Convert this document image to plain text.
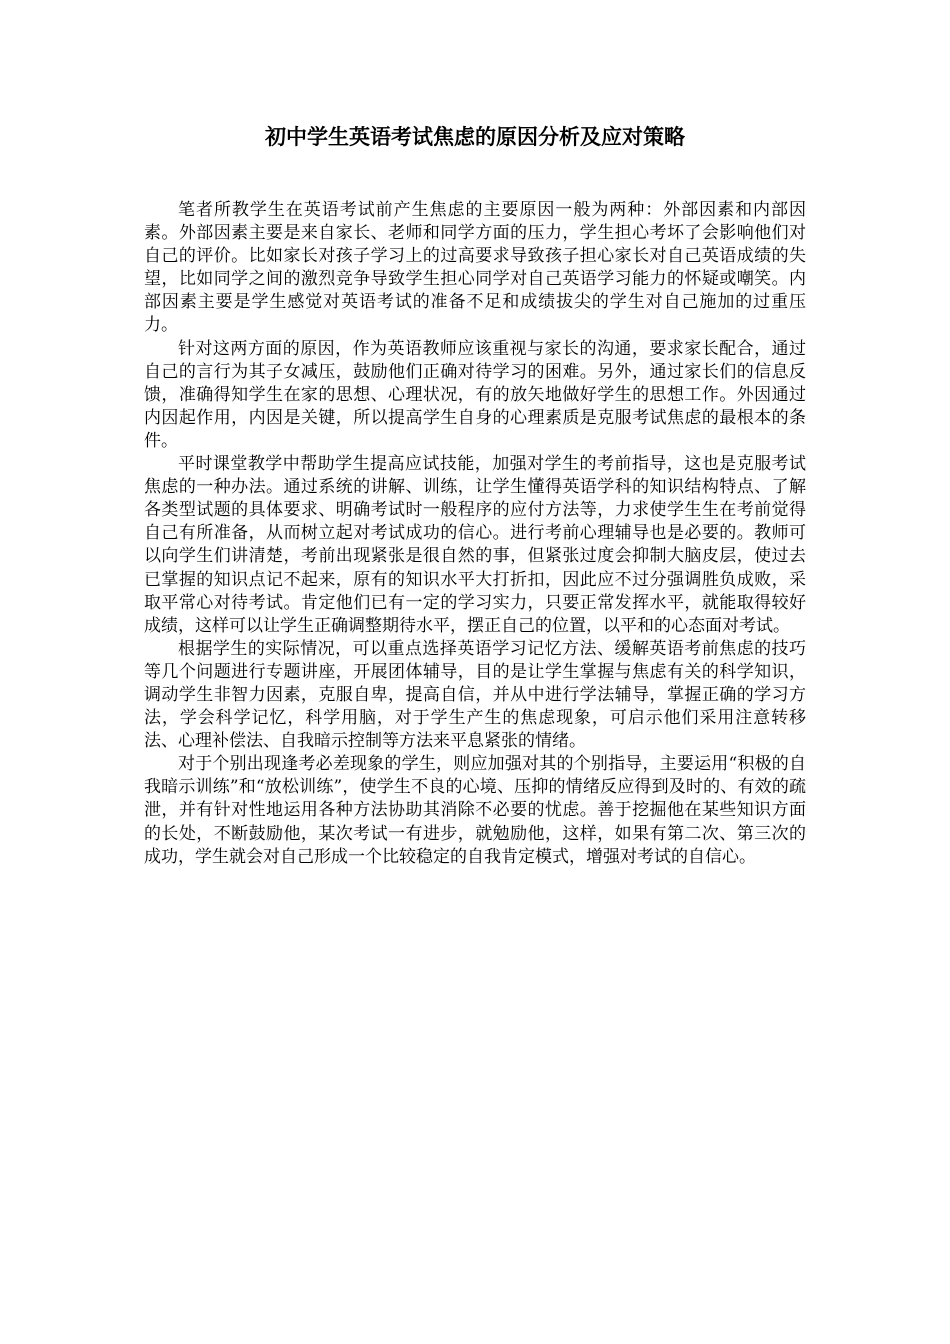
初中学生英语考试焦虑的原因分析及应对策略

笔者所教学生在英语考试前产生焦虑的主要原因一般为两种：外部因素和内部因素。外部因素主要是来自家长、老师和同学方面的压力，学生担心考坏了会影响他们对自己的评价。比如家长对孩子学习上的过高要求导致孩子担心家长对自己英语成绩的失望，比如同学之间的激烈竞争导致学生担心同学对自己英语学习能力的怀疑或嘲笑。内部因素主要是学生感觉对英语考试的准备不足和成绩拔尖的学生对自己施加的过重压力。

针对这两方面的原因，作为英语教师应该重视与家长的沟通，要求家长配合，通过自己的言行为其子女减压，鼓励他们正确对待学习的困难。另外，通过家长们的信息反馈，准确得知学生在家的思想、心理状况，有的放矢地做好学生的思想工作。外因通过内因起作用，内因是关键，所以提高学生自身的心理素质是克服考试焦虑的最根本的条件。

平时课堂教学中帮助学生提高应试技能，加强对学生的考前指导，这也是克服考试焦虑的一种办法。通过系统的讲解、训练，让学生懂得英语学科的知识结构特点、了解各类型试题的具体要求、明确考试时一般程序的应付方法等，力求使学生生在考前觉得自己有所准备，从而树立起对考试成功的信心。进行考前心理辅导也是必要的。教师可以向学生们讲清楚，考前出现紧张是很自然的事，但紧张过度会抑制大脑皮层，使过去已掌握的知识点记不起来，原有的知识水平大打折扣，因此应不过分强调胜负成败，采取平常心对待考试。肯定他们已有一定的学习实力，只要正常发挥水平，就能取得较好成绩，这样可以让学生正确调整期待水平，摆正自己的位置，以平和的心态面对考试。

根据学生的实际情况，可以重点选择英语学习记忆方法、缓解英语考前焦虑的技巧等几个问题进行专题讲座，开展团体辅导，目的是让学生掌握与焦虑有关的科学知识，调动学生非智力因素，克服自卑，提高自信，并从中进行学法辅导，掌握正确的学习方法，学会科学记忆，科学用脑，对于学生产生的焦虑现象，可启示他们采用注意转移法、心理补偿法、自我暗示控制等方法来平息紧张的情绪。

对于个别出现逢考必差现象的学生，则应加强对其的个别指导，主要运用“积极的自我暗示训练”和“放松训练”，使学生不良的心境、压抑的情绪反应得到及时的、有效的疏泄，并有针对性地运用各种方法协助其消除不必要的忧虑。善于挖掘他在某些知识方面的长处，不断鼓励他，某次考试一有进步，就勉励他，这样，如果有第二次、第三次的成功，学生就会对自己形成一个比较稳定的自我肯定模式，增强对考试的自信心。
